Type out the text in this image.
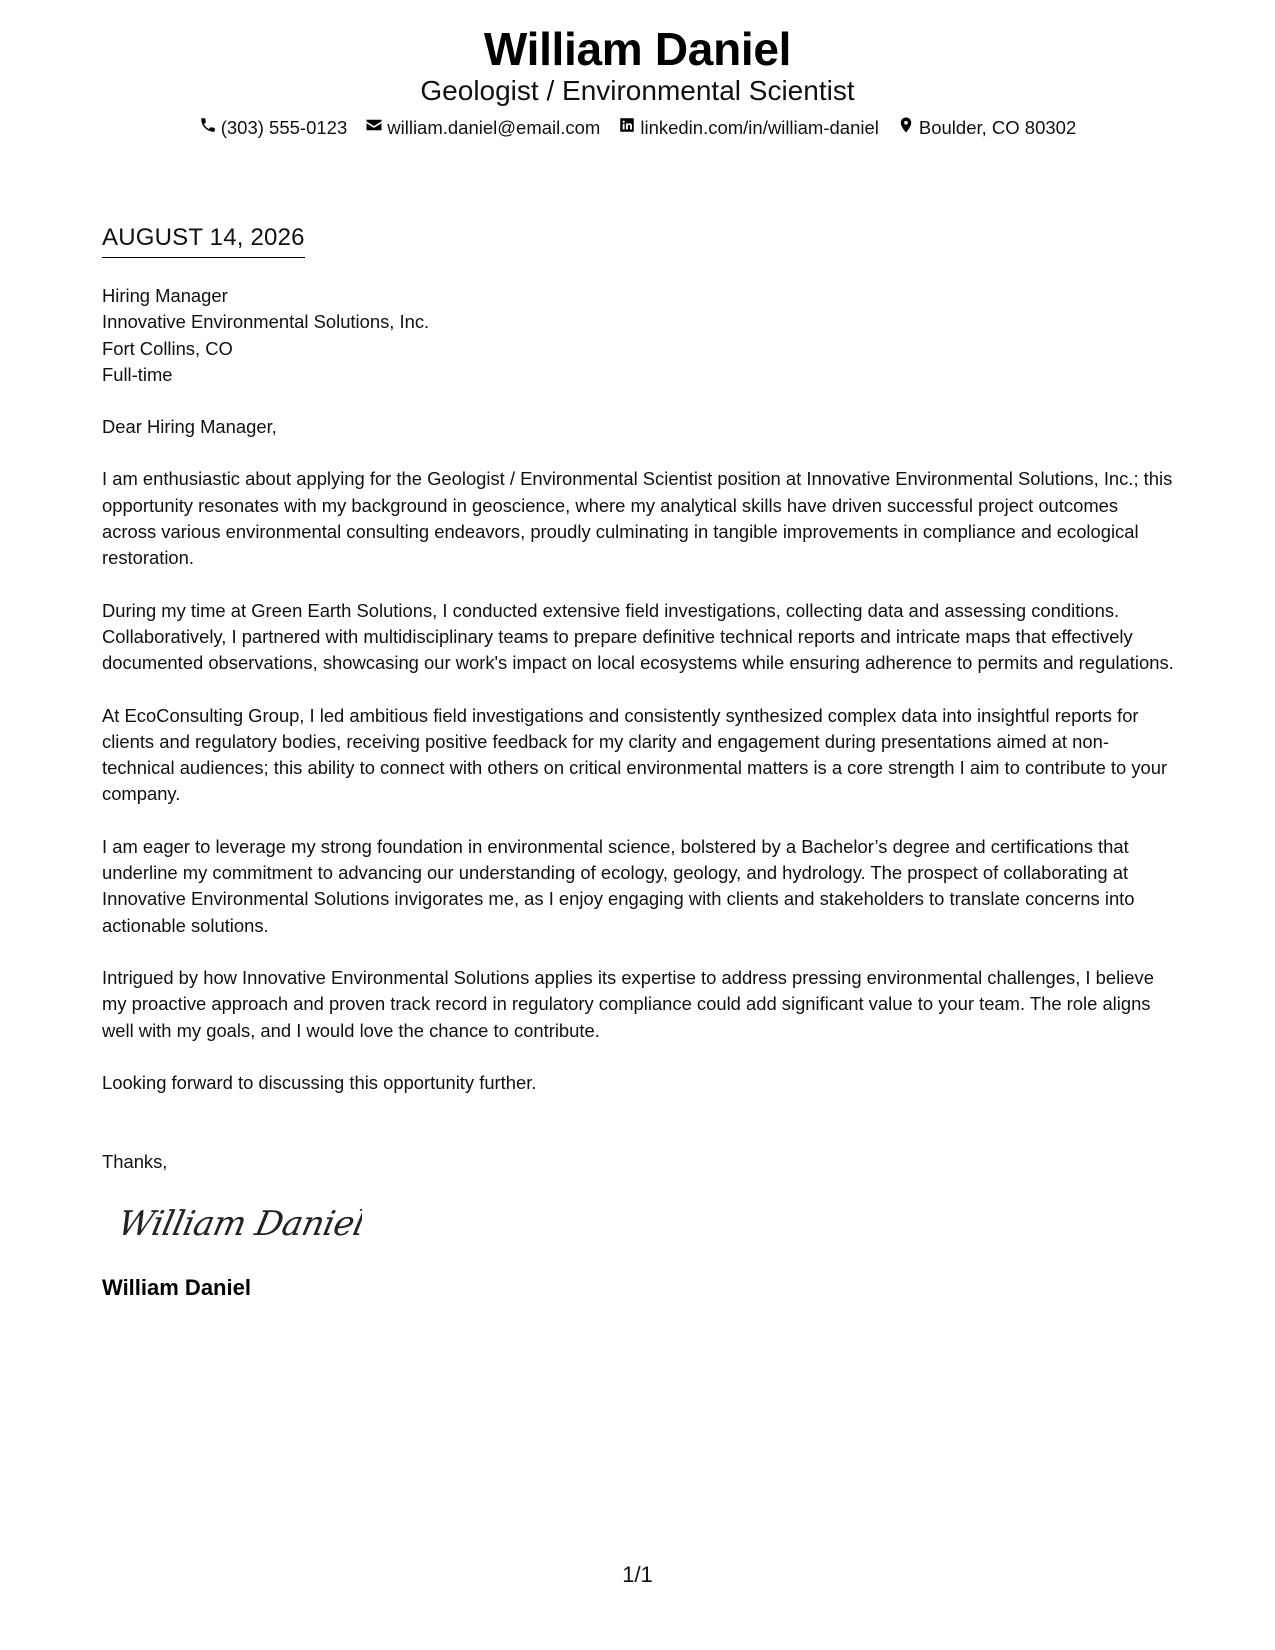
William Daniel
Geologist / Environmental Scientist
(303) 555-0123 william.daniel@email.com linkedin.com/in/william-daniel Boulder, CO 80302
AUGUST 14, 2026
Hiring Manager
Innovative Environmental Solutions, Inc.
Fort Collins, CO
Full-time
Dear Hiring Manager,
I am enthusiastic about applying for the Geologist / Environmental Scientist position at Innovative Environmental Solutions, Inc.; this opportunity resonates with my background in geoscience, where my analytical skills have driven successful project outcomes across various environmental consulting endeavors, proudly culminating in tangible improvements in compliance and ecological restoration.
During my time at Green Earth Solutions, I conducted extensive field investigations, collecting data and assessing conditions. Collaboratively, I partnered with multidisciplinary teams to prepare definitive technical reports and intricate maps that effectively documented observations, showcasing our work's impact on local ecosystems while ensuring adherence to permits and regulations.
At EcoConsulting Group, I led ambitious field investigations and consistently synthesized complex data into insightful reports for clients and regulatory bodies, receiving positive feedback for my clarity and engagement during presentations aimed at non-technical audiences; this ability to connect with others on critical environmental matters is a core strength I aim to contribute to your company.
I am eager to leverage my strong foundation in environmental science, bolstered by a Bachelor’s degree and certifications that underline my commitment to advancing our understanding of ecology, geology, and hydrology. The prospect of collaborating at Innovative Environmental Solutions invigorates me, as I enjoy engaging with clients and stakeholders to translate concerns into actionable solutions.
Intrigued by how Innovative Environmental Solutions applies its expertise to address pressing environmental challenges, I believe my proactive approach and proven track record in regulatory compliance could add significant value to your team. The role aligns well with my goals, and I would love the chance to contribute.
Looking forward to discussing this opportunity further.
Thanks,
William Daniel
William Daniel
1/1
